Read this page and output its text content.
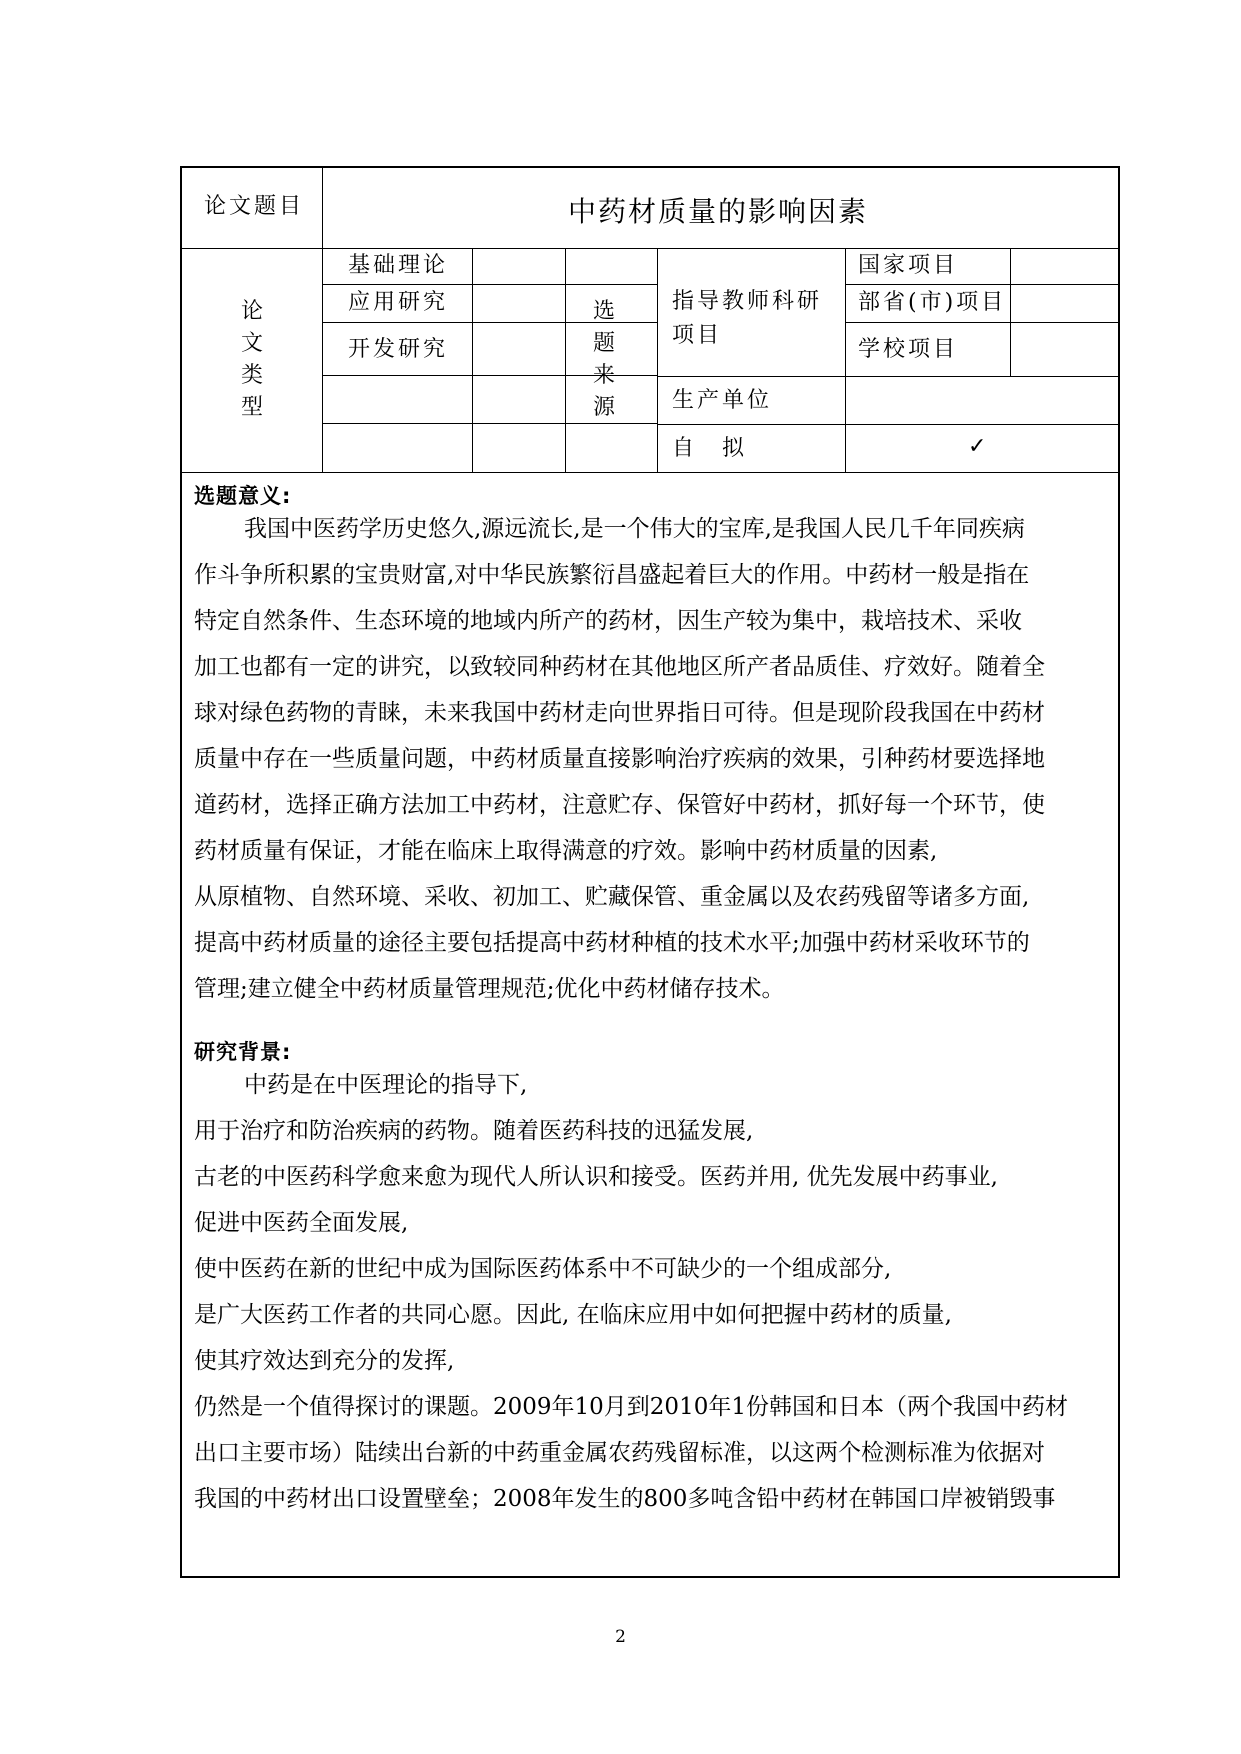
论文题目	中药材质量的影响因素
论文类型
基础理论
应用研究
开发研究
选题来源
指导教师科研项目
国家项目
部省(市)项目
学校项目
生产单位
自　拟	✓
选题意义:

我国中医药学历史悠久,源远流长,是一个伟大的宝库,是我国人民几千年同疾病

作斗争所积累的宝贵财富,对中华民族繁衍昌盛起着巨大的作用。中药材一般是指在

特定自然条件、生态环境的地域内所产的药材，因生产较为集中，栽培技术、采收

加工也都有一定的讲究，以致较同种药材在其他地区所产者品质佳、疗效好。随着全

球对绿色药物的青睐，未来我国中药材走向世界指日可待。但是现阶段我国在中药材

质量中存在一些质量问题，中药材质量直接影响治疗疾病的效果，引种药材要选择地

道药材，选择正确方法加工中药材，注意贮存、保管好中药材，抓好每一个环节，使

药材质量有保证，才能在临床上取得满意的疗效。影响中药材质量的因素,

从原植物、自然环境、采收、初加工、贮藏保管、重金属以及农药残留等诸多方面,

提高中药材质量的途径主要包括提高中药材种植的技术水平;加强中药材采收环节的

管理;建立健全中药材质量管理规范;优化中药材储存技术。

研究背景:

中药是在中医理论的指导下,

用于治疗和防治疾病的药物。随着医药科技的迅猛发展,

古老的中医药科学愈来愈为现代人所认识和接受。医药并用, 优先发展中药事业,

促进中医药全面发展,

使中医药在新的世纪中成为国际医药体系中不可缺少的一个组成部分,

是广大医药工作者的共同心愿。因此, 在临床应用中如何把握中药材的质量,

使其疗效达到充分的发挥,

仍然是一个值得探讨的课题。2009年10月到2010年1份韩国和日本（两个我国中药材

出口主要市场）陆续出台新的中药重金属农药残留标准，以这两个检测标准为依据对

我国的中药材出口设置壁垒；2008年发生的800多吨含铅中药材在韩国口岸被销毁事

2
